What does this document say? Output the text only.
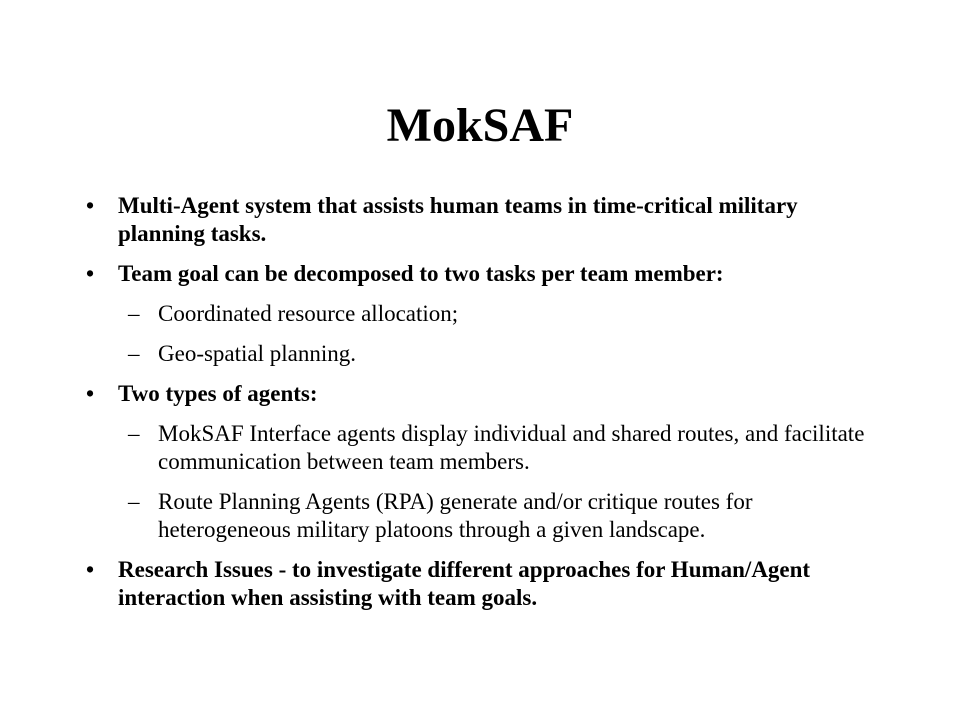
MokSAF
• Multi-Agent system that assists human teams in time-critical military planning tasks.
• Team goal can be decomposed to two tasks per team member:
– Coordinated resource allocation;
– Geo-spatial planning.
• Two types of agents:
– MokSAF Interface agents display individual and shared routes, and facilitate communication between team members.
– Route Planning Agents (RPA) generate and/or critique routes for heterogeneous military platoons through a given landscape.
• Research Issues - to investigate different approaches for Human/Agent interaction when assisting with team goals.
